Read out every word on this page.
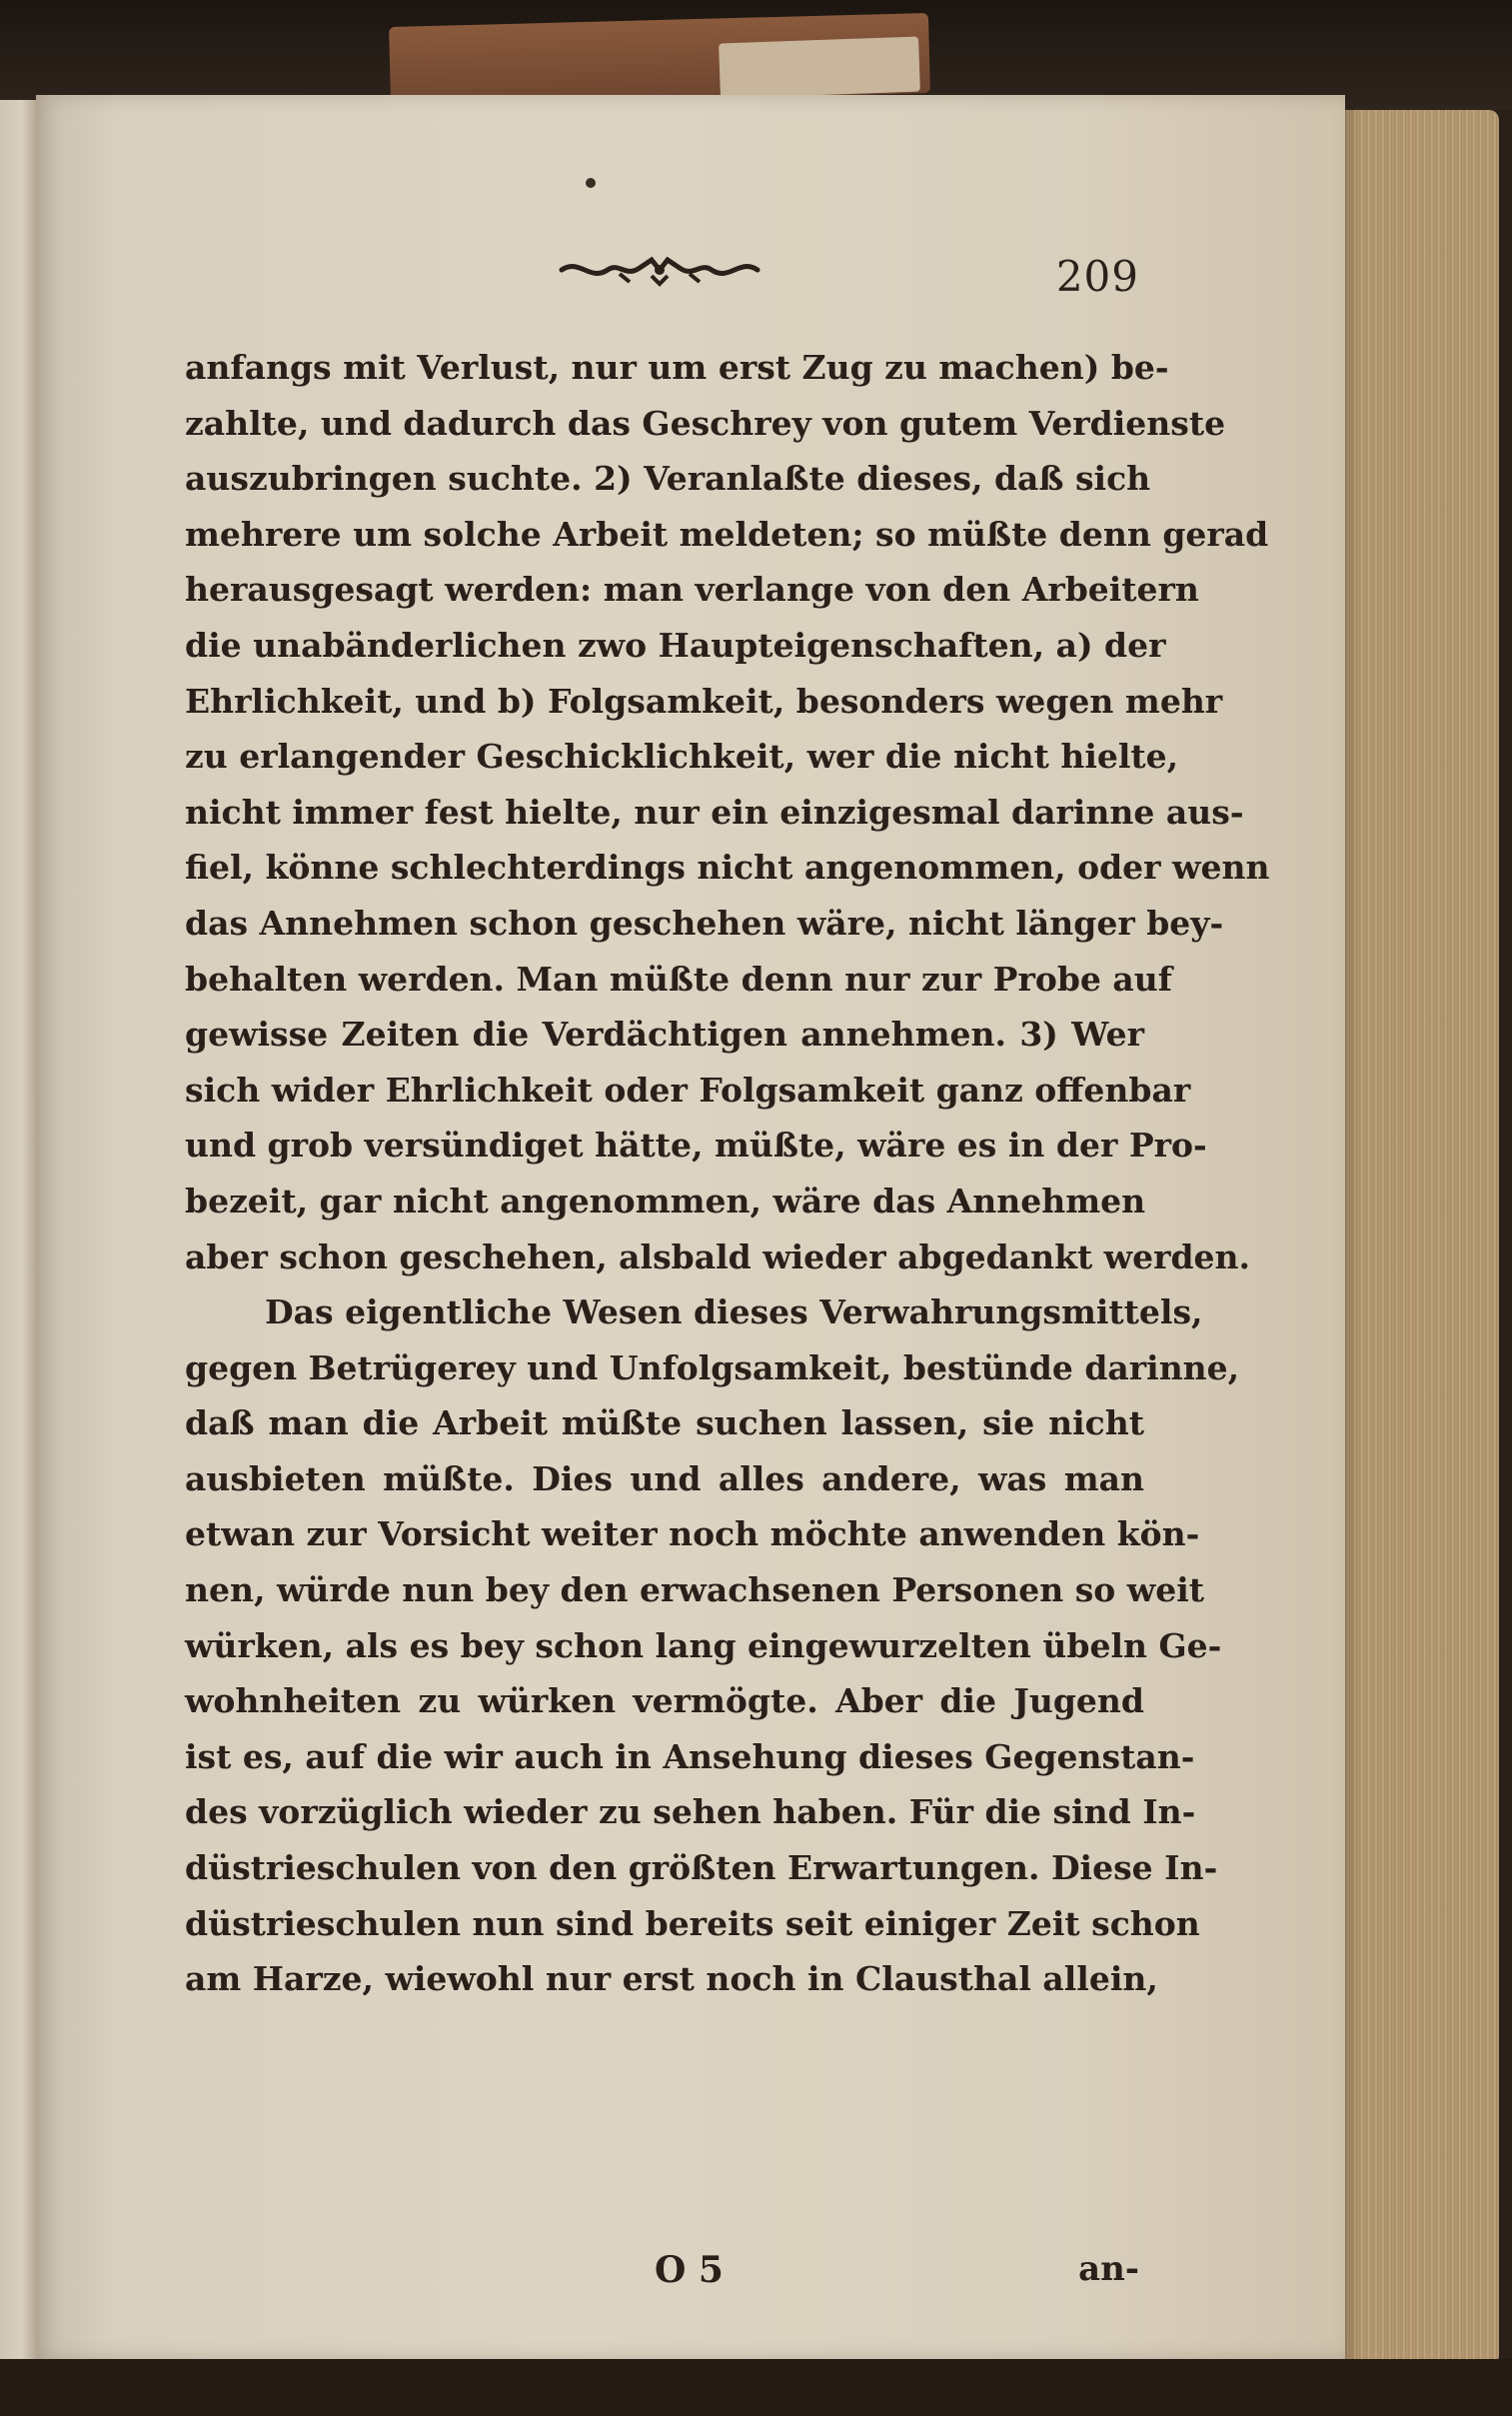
209
anfangs mit Verlust, nur um erst Zug zu machen) be-
zahlte, und dadurch das Geschrey von gutem Verdienste
auszubringen suchte. 2) Veranlaßte dieses, daß sich
mehrere um solche Arbeit meldeten; so müßte denn gerad
herausgesagt werden: man verlange von den Arbeitern
die unabänderlichen zwo Haupteigenschaften, a) der
Ehrlichkeit, und b) Folgsamkeit, besonders wegen mehr
zu erlangender Geschicklichkeit, wer die nicht hielte,
nicht immer fest hielte, nur ein einzigesmal darinne aus-
fiel, könne schlechterdings nicht angenommen, oder wenn
das Annehmen schon geschehen wäre, nicht länger bey-
behalten werden. Man müßte denn nur zur Probe auf
gewisse Zeiten die Verdächtigen annehmen. 3) Wer
sich wider Ehrlichkeit oder Folgsamkeit ganz offenbar
und grob versündiget hätte, müßte, wäre es in der Pro-
bezeit, gar nicht angenommen, wäre das Annehmen
aber schon geschehen, alsbald wieder abgedankt werden.
Das eigentliche Wesen dieses Verwahrungsmittels,
gegen Betrügerey und Unfolgsamkeit, bestünde darinne,
daß man die Arbeit müßte suchen lassen, sie nicht
ausbieten müßte. Dies und alles andere, was man
etwan zur Vorsicht weiter noch möchte anwenden kön-
nen, würde nun bey den erwachsenen Personen so weit
würken, als es bey schon lang eingewurzelten übeln Ge-
wohnheiten zu würken vermögte. Aber die Jugend
ist es, auf die wir auch in Ansehung dieses Gegenstan-
des vorzüglich wieder zu sehen haben. Für die sind In-
düstrieschulen von den größten Erwartungen. Diese In-
düstrieschulen nun sind bereits seit einiger Zeit schon
am Harze, wiewohl nur erst noch in Clausthal allein,
O 5	an-
